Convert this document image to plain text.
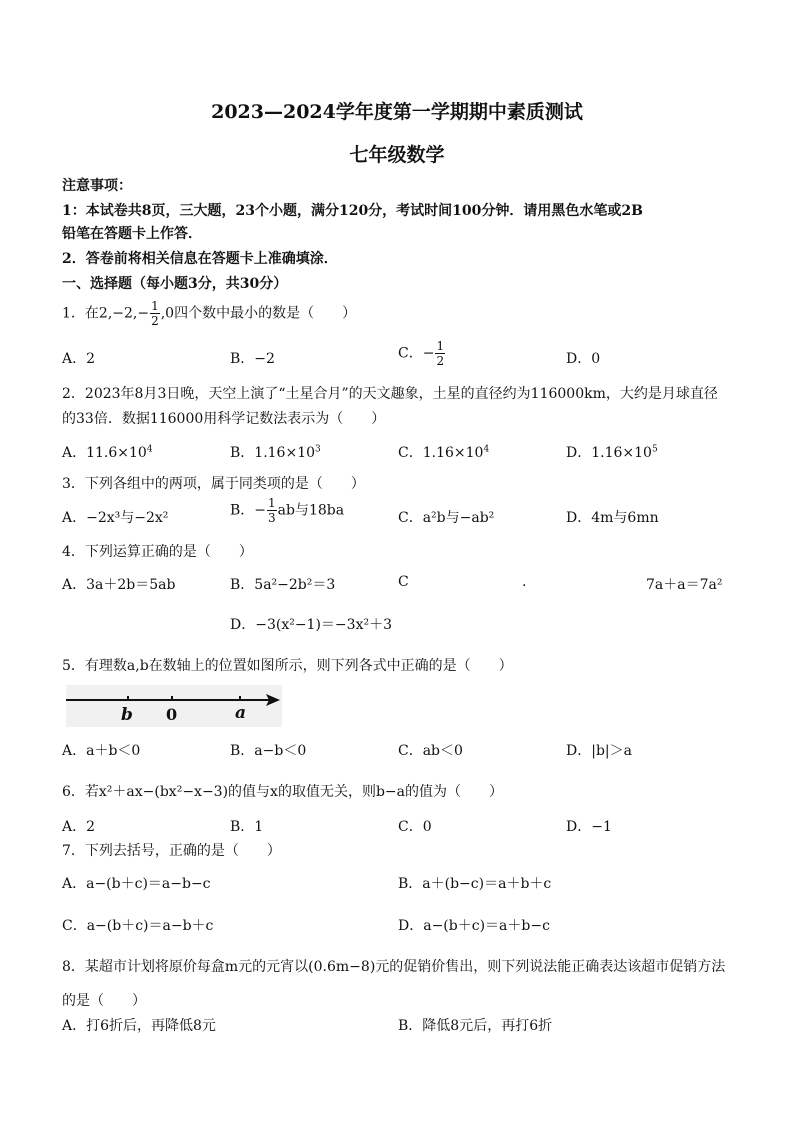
2023—2024学年度第一学期期中素质测试
七年级数学
注意事项：
1：本试卷共8页，三大题，23个小题，满分120分，考试时间100分钟．请用黑色水笔或2B
铅笔在答题卡上作答．
2．答卷前将相关信息在答题卡上准确填涂．
一、选择题（每小题3分，共30分）
1．在$2,-2,- \frac{1}{2} ,0$四个数中最小的数是（　　）
A．2	B．−2	C．− $\frac{1}{2}$	D．0
2．2023年8月3日晚，天空上演了“土星合月”的天文趣象，土星的直径约为116000km，大约是月球直径
的33倍．数据116000用科学记数法表示为（　　）
A．$11.6\times 10^4$	B．$1.16\times 10^3$	C．$1.16\times 10^4$	D．$1.16\times 10^5$
3．下列各组中的两项，属于同类项的是（　　）
A．−2x³与−2x²	B．− $\frac{1}{3}$ ab与18ba	C．a²b与−ab²	D．4m与6mn
4．下列运算正确的是（　　）
A．3a＋2b＝5ab	B．5a²−2b²＝3	C	.	7a＋a＝7a²
D．−3(x²−1)＝−3x²＋3
5．有理数a,b在数轴上的位置如图所示，则下列各式中正确的是（　　）
b 0	a
A．a＋b＜0	B．a−b＜0	C．ab＜0	D．|b|＞a
6．若x²＋ax−(bx²−x−3)的值与x的取值无关，则b−a的值为（　　）
A．2	B．1	C．0	D．−1
7．下列去括号，正确的是（　　）
A．a−(b＋c)＝a−b−c	B．a＋(b−c)＝a＋b＋c
C．a−(b＋c)＝a−b＋c	D．a−(b＋c)＝a＋b−c
8．某超市计划将原价每盒m元的元宵以(0.6m−8)元的促销价售出，则下列说法能正确表达该超市促销方法
的是（　　）
A．打6折后，再降低8元	B．降低8元后，再打6折
